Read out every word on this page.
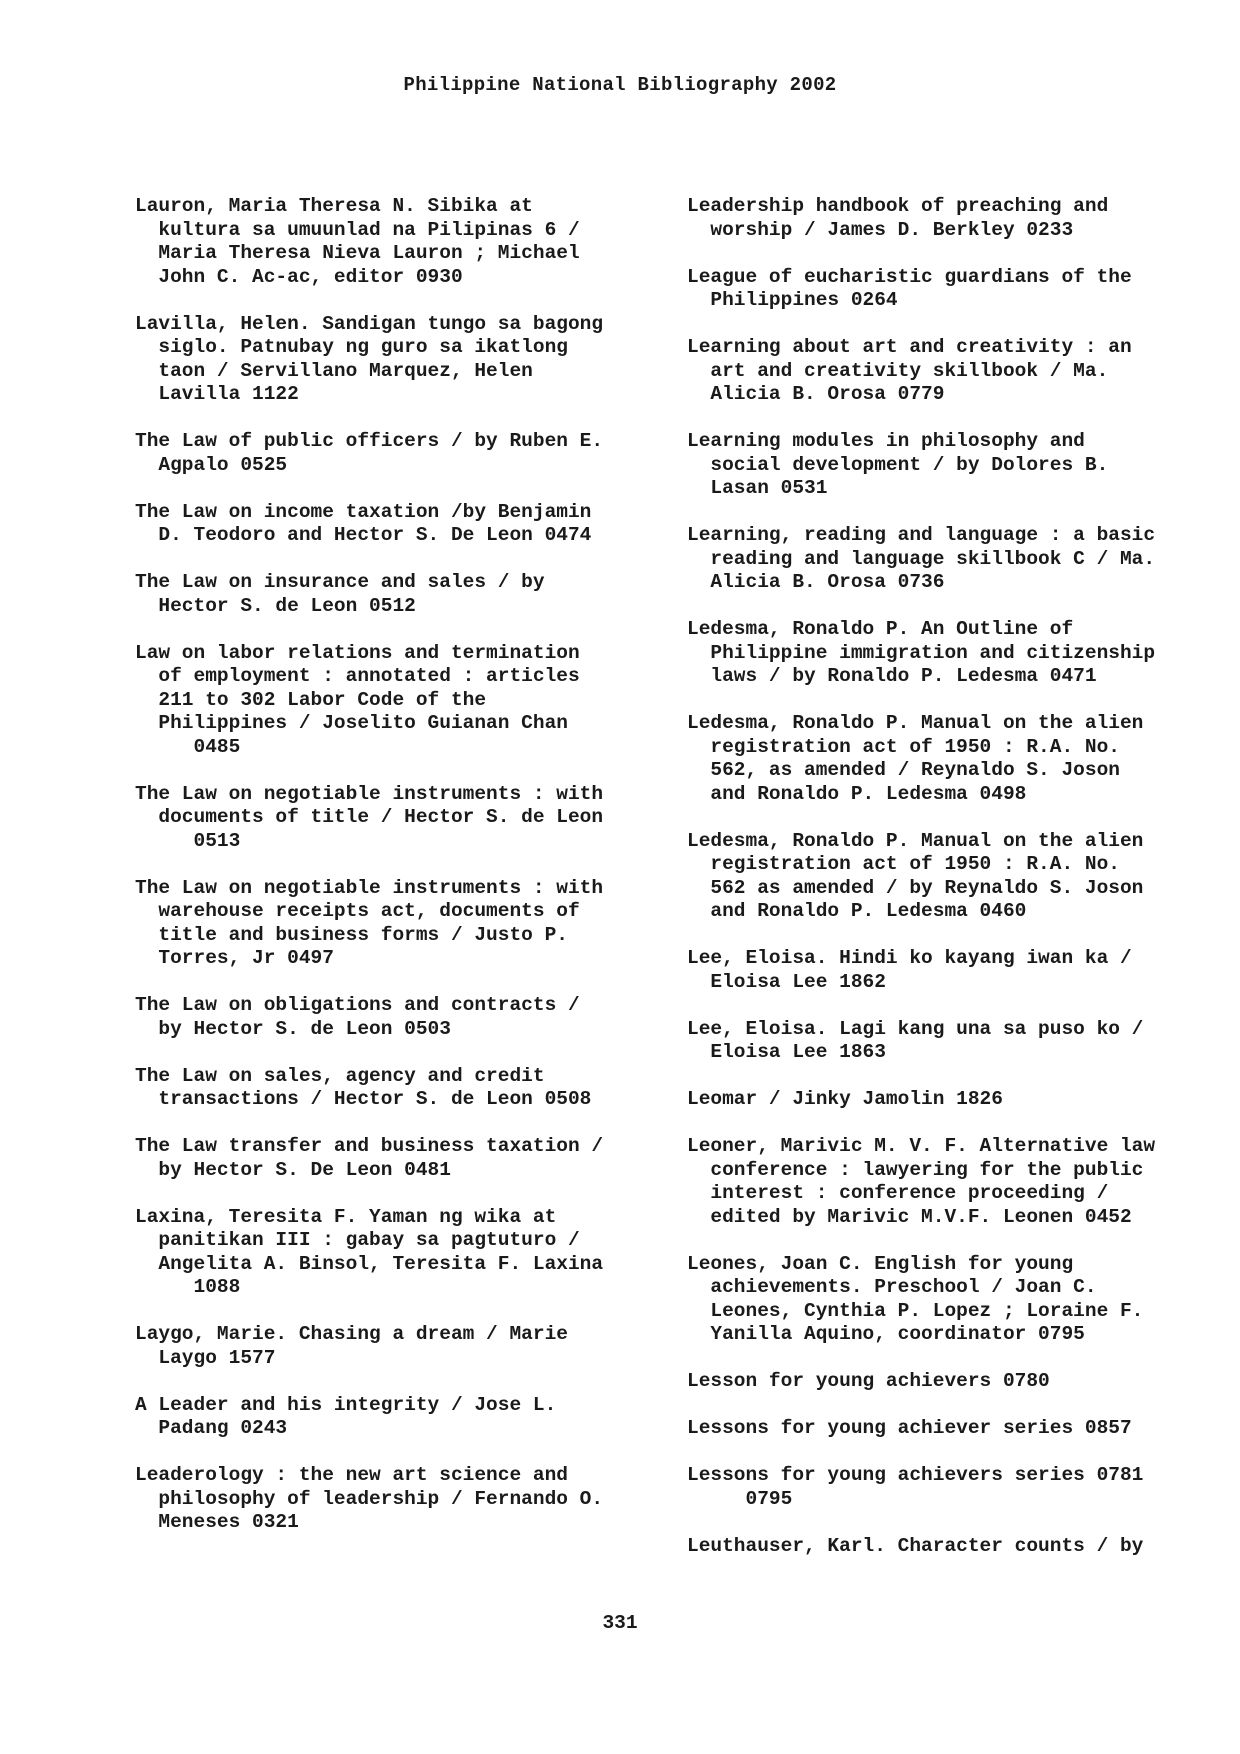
Philippine National Bibliography 2002

Lauron, Maria Theresa N. Sibika at
kultura sa umuunlad na Pilipinas 6 /
Maria Theresa Nieva Lauron ; Michael
John C. Ac-ac, editor 0930

Lavilla, Helen. Sandigan tungo sa bagong
siglo. Patnubay ng guro sa ikatlong
taon / Servillano Marquez, Helen
Lavilla 1122

The Law of public officers / by Ruben E.
Agpalo 0525

The Law on income taxation /by Benjamin
D. Teodoro and Hector S. De Leon 0474

The Law on insurance and sales / by
Hector S. de Leon 0512

Law on labor relations and termination
of employment : annotated : articles
211 to 302 Labor Code of the
Philippines / Joselito Guianan Chan
0485

The Law on negotiable instruments : with
documents of title / Hector S. de Leon
0513

The Law on negotiable instruments : with
warehouse receipts act, documents of
title and business forms / Justo P.
Torres, Jr 0497

The Law on obligations and contracts /
by Hector S. de Leon 0503

The Law on sales, agency and credit
transactions / Hector S. de Leon 0508

The Law transfer and business taxation /
by Hector S. De Leon 0481

Laxina, Teresita F. Yaman ng wika at
panitikan III : gabay sa pagtuturo /
Angelita A. Binsol, Teresita F. Laxina
1088

Laygo, Marie. Chasing a dream / Marie
Laygo 1577

A Leader and his integrity / Jose L.
Padang 0243

Leaderology : the new art science and
philosophy of leadership / Fernando O.
Meneses 0321

Leadership handbook of preaching and
worship / James D. Berkley 0233

League of eucharistic guardians of the
Philippines 0264

Learning about art and creativity : an
art and creativity skillbook / Ma.
Alicia B. Orosa 0779

Learning modules in philosophy and
social development / by Dolores B.
Lasan 0531

Learning, reading and language : a basic
reading and language skillbook C / Ma.
Alicia B. Orosa 0736

Ledesma, Ronaldo P. An Outline of
Philippine immigration and citizenship
laws / by Ronaldo P. Ledesma 0471

Ledesma, Ronaldo P. Manual on the alien
registration act of 1950 : R.A. No.
562, as amended / Reynaldo S. Joson
and Ronaldo P. Ledesma 0498

Ledesma, Ronaldo P. Manual on the alien
registration act of 1950 : R.A. No.
562 as amended / by Reynaldo S. Joson
and Ronaldo P. Ledesma 0460

Lee, Eloisa. Hindi ko kayang iwan ka /
Eloisa Lee 1862

Lee, Eloisa. Lagi kang una sa puso ko /
Eloisa Lee 1863

Leomar / Jinky Jamolin 1826

Leoner, Marivic M. V. F. Alternative law
conference : lawyering for the public
interest : conference proceeding /
edited by Marivic M.V.F. Leonen 0452

Leones, Joan C. English for young
achievements. Preschool / Joan C.
Leones, Cynthia P. Lopez ; Loraine F.
Yanilla Aquino, coordinator 0795

Lesson for young achievers 0780

Lessons for young achiever series 0857

Lessons for young achievers series 0781
0795

Leuthauser, Karl. Character counts / by

331
